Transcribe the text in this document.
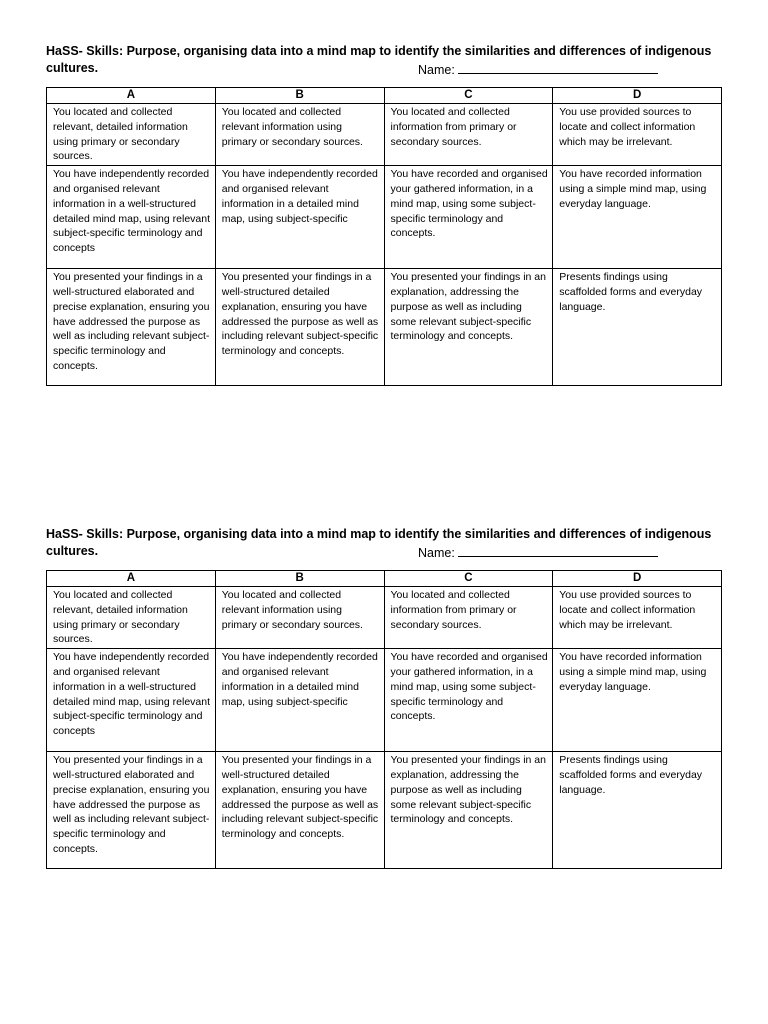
HaSS- Skills: Purpose, organising data into a mind map to identify the similarities and differences of indigenous cultures.	Name:
A	B	C	D
You located and collected relevant, detailed information using primary or secondary sources.	You located and collected relevant information using primary or secondary sources.	You located and collected information from primary or secondary sources.	You use provided sources to locate and collect information which may be irrelevant.
You have independently recorded and organised relevant information in a well-structured detailed mind map, using relevant subject-specific terminology and concepts	You have independently recorded and organised relevant information in a detailed mind map, using subject-specific	You have recorded and organised your gathered information, in a mind map, using some subject-specific terminology and concepts.	You have recorded information using a simple mind map, using everyday language.
You presented your findings in a well-structured elaborated and precise explanation, ensuring you have addressed the purpose as well as including relevant subject-specific terminology and concepts.	You presented your findings in a well-structured detailed explanation, ensuring you have addressed the purpose as well as including relevant subject-specific terminology and concepts.	You presented your findings in an explanation, addressing the purpose as well as including some relevant subject-specific terminology and concepts.	Presents findings using scaffolded forms and everyday language.
HaSS- Skills: Purpose, organising data into a mind map to identify the similarities and differences of indigenous cultures.	Name:
A	B	C	D
You located and collected relevant, detailed information using primary or secondary sources.	You located and collected relevant information using primary or secondary sources.	You located and collected information from primary or secondary sources.	You use provided sources to locate and collect information which may be irrelevant.
You have independently recorded and organised relevant information in a well-structured detailed mind map, using relevant subject-specific terminology and concepts	You have independently recorded and organised relevant information in a detailed mind map, using subject-specific	You have recorded and organised your gathered information, in a mind map, using some subject-specific terminology and concepts.	You have recorded information using a simple mind map, using everyday language.
You presented your findings in a well-structured elaborated and precise explanation, ensuring you have addressed the purpose as well as including relevant subject-specific terminology and concepts.	You presented your findings in a well-structured detailed explanation, ensuring you have addressed the purpose as well as including relevant subject-specific terminology and concepts.	You presented your findings in an explanation, addressing the purpose as well as including some relevant subject-specific terminology and concepts.	Presents findings using scaffolded forms and everyday language.
